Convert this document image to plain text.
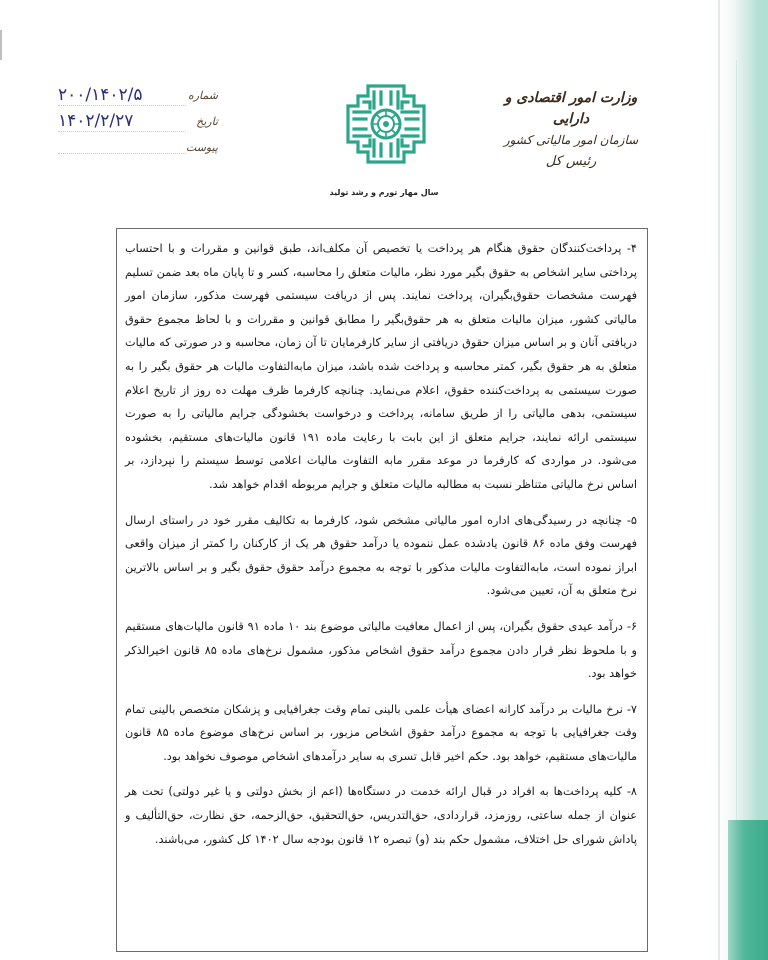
وزارت امور اقتصادی و دارایی
سازمان امور مالیاتی کشور
رئیس کل
شماره
۲۰۰/۱۴۰۲/۵
تاریخ
۱۴۰۲/۲/۲۷
پیوست
سال مهار تورم و رشد تولید

۴- پرداخت‌کنندگان حقوق هنگام هر پرداخت یا تخصیص آن مکلف‌اند، طبق قوانین و مقررات و با احتساب پرداختی سایر اشخاص به حقوق بگیر مورد نظر، مالیات متعلق را محاسبه، کسر و تا پایان ماه بعد ضمن تسلیم فهرست مشخصات حقوق‌بگیران، پرداخت نمایند. پس از دریافت سیستمی فهرست مذکور، سازمان امور مالیاتی کشور، میزان مالیات متعلق به هر حقوق‌بگیر را مطابق قوانین و مقررات و با لحاظ مجموع حقوق دریافتی آنان و بر اساس میزان حقوق دریافتی از سایر کارفرمایان تا آن زمان، محاسبه و در صورتی که مالیات متعلق به هر حقوق بگیر، کمتر محاسبه و پرداخت شده باشد، میزان مابه‌التفاوت مالیات هر حقوق بگیر را به صورت سیستمی به پرداخت‌کننده حقوق، اعلام می‌نماید. چنانچه کارفرما ظرف مهلت ده روز از تاریخ اعلام سیستمی، بدهی مالیاتی را از طریق سامانه، پرداخت و درخواست بخشودگی جرایم مالیاتی را به صورت سیستمی ارائه نمایند، جرایم متعلق از این بابت با رعایت ماده ۱۹۱ قانون مالیات‌های مستقیم، بخشوده می‌شود. در مواردی که کارفرما در موعد مقرر مابه التفاوت مالیات اعلامی توسط سیستم را نپردازد، بر اساس نرخ مالیاتی متناظر نسبت به مطالبه مالیات متعلق و جرایم مربوطه اقدام خواهد شد.

۵- چنانچه در رسیدگی‌های اداره امور مالیاتی مشخص شود، کارفرما به تکالیف مقرر خود در راستای ارسال فهرست وفق ماده ۸۶ قانون یادشده عمل ننموده یا درآمد حقوق هر یک از کارکنان را کمتر از میزان واقعی ابراز نموده است، مابه‌التفاوت مالیات مذکور با توجه به مجموع درآمد حقوق حقوق بگیر و بر اساس بالاترین نرخ متعلق به آن، تعیین می‌شود.

۶- درآمد عیدی حقوق بگیران، پس از اعمال معافیت مالیاتی موضوع بند ۱۰ ماده ۹۱ قانون مالیات‌های مستقیم و با ملحوظ نظر قرار دادن مجموع درآمد حقوق اشخاص مذکور، مشمول نرخ‌های ماده ۸۵ قانون اخیرالذکر خواهد بود.

۷- نرخ مالیات بر درآمد کارانه اعضای هیأت علمی بالینی تمام وقت جغرافیایی و پزشکان متخصص بالینی تمام وقت جغرافیایی با توجه به مجموع درآمد حقوق اشخاص مزبور، بر اساس نرخ‌های موضوع ماده ۸۵ قانون مالیات‌های مستقیم، خواهد بود. حکم اخیر قابل تسری به سایر درآمدهای اشخاص موصوف نخواهد بود.

۸- کلیه پرداخت‌ها به افراد در قبال ارائه خدمت در دستگاه‌ها (اعم از بخش دولتی و یا غیر دولتی) تحت هر عنوان از جمله ساعتی، روزمزد، قراردادی، حق‌التدریس، حق‌التحقیق، حق‌الزحمه، حق نظارت، حق‌التألیف و پاداش شورای حل اختلاف، مشمول حکم بند (و) تبصره ۱۲ قانون بودجه سال ۱۴۰۲ کل کشور، می‌باشند.
